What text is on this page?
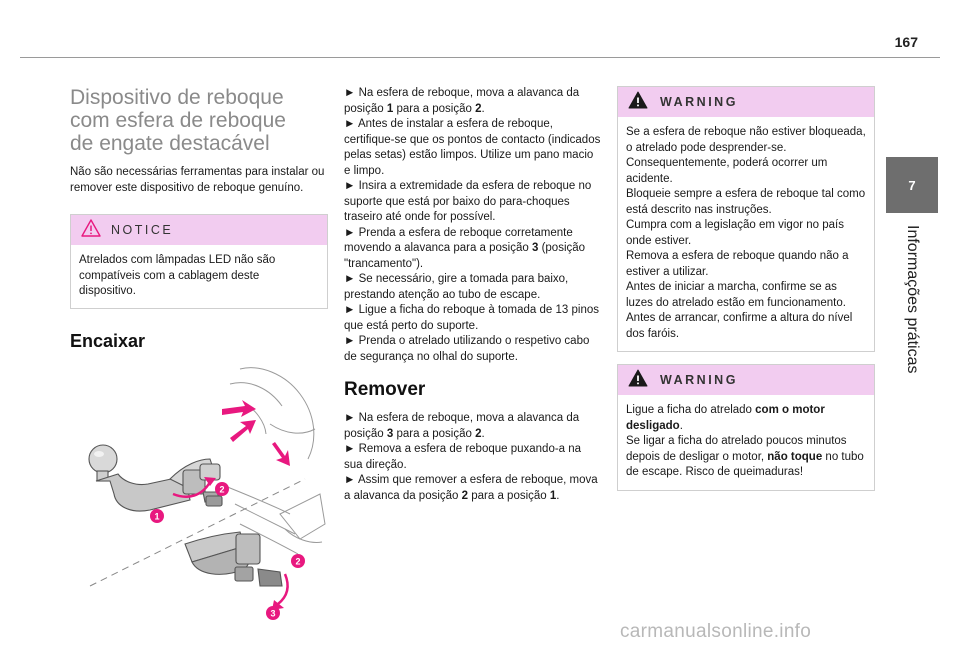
167
7
Informações práticas
Dispositivo de reboque
com esfera de reboque
de engate destacável

Não são necessárias ferramentas para instalar ou remover este dispositivo de reboque genuíno.

NOTICE
Atrelados com lâmpadas LED não são compatíveis com a cablagem deste dispositivo.
Encaixar
2
1
2
3

► Na esfera de reboque, mova a alavanca da posição 1 para a posição 2.

► Antes de instalar a esfera de reboque, certifique-se que os pontos de contacto (indicados pelas setas) estão limpos. Utilize um pano macio e limpo.

► Insira a extremidade da esfera de reboque no suporte que está por baixo do para-choques traseiro até onde for possível.

► Prenda a esfera de reboque corretamente movendo a alavanca para a posição 3 (posição "trancamento").

► Se necessário, gire a tomada para baixo, prestando atenção ao tubo de escape.

► Ligue a ficha do reboque à tomada de 13 pinos que está perto do suporte.

► Prenda o atrelado utilizando o respetivo cabo de segurança no olhal do suporte.

Remover

► Na esfera de reboque, mova a alavanca da posição 3 para a posição 2.

► Remova a esfera de reboque puxando-a na sua direção.

► Assim que remover a esfera de reboque, mova a alavanca da posição 2 para a posição 1.

WARNING
Se a esfera de reboque não estiver bloqueada, o atrelado pode desprender-se. Consequentemente, poderá ocorrer um acidente.
Bloqueie sempre a esfera de reboque tal como está descrito nas instruções.
Cumpra com a legislação em vigor no país onde estiver.
Remova a esfera de reboque quando não a estiver a utilizar.
Antes de iniciar a marcha, confirme se as luzes do atrelado estão em funcionamento.
Antes de arrancar, confirme a altura do nível dos faróis.
WARNING
Ligue a ficha do atrelado com o motor desligado.
Se ligar a ficha do atrelado poucos minutos depois de desligar o motor, não toque no tubo de escape. Risco de queimaduras!
carmanualsonline.info
